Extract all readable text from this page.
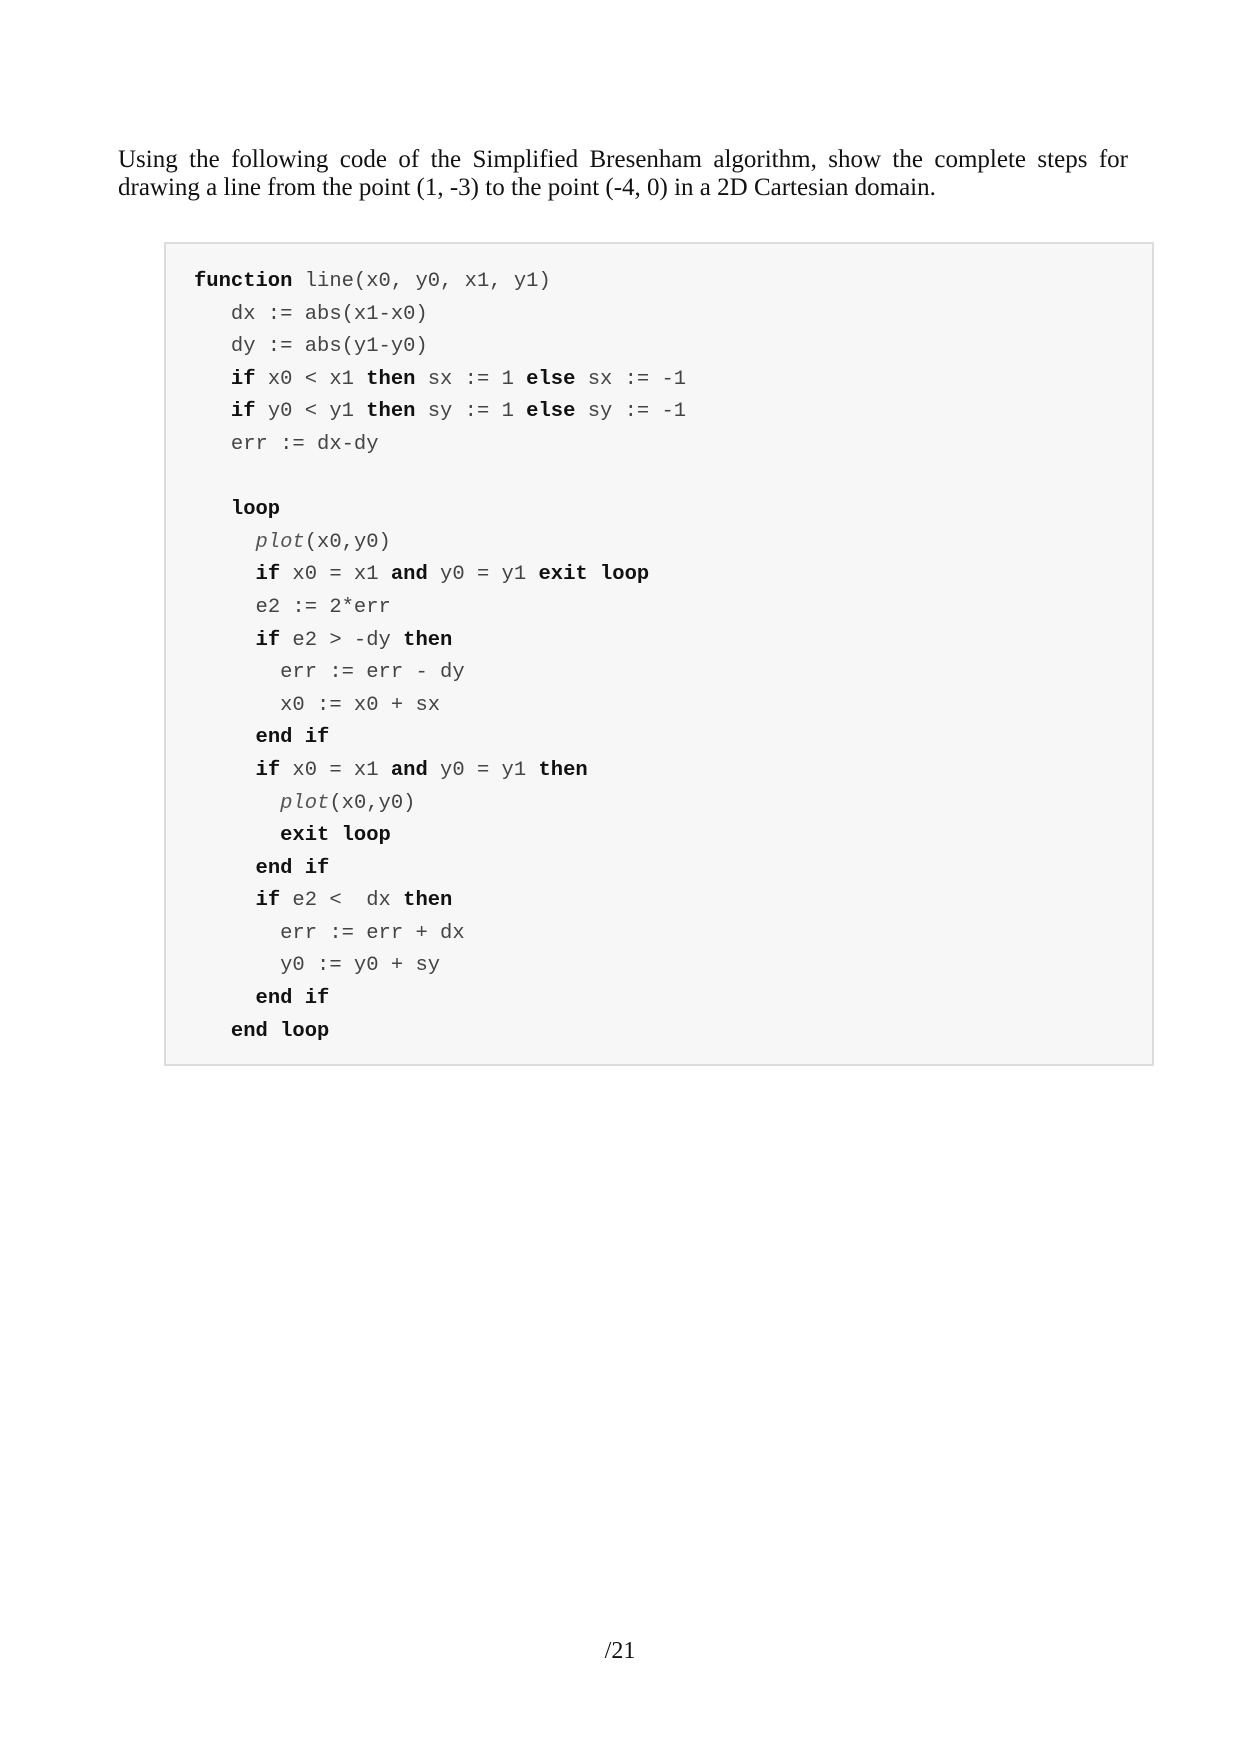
Using the following code of the Simplified Bresenham algorithm, show the complete steps for drawing a line from the point (1, -3) to the point (-4, 0) in a 2D Cartesian domain.

function line(x0, y0, x1, y1)
dx := abs(x1-x0)
dy := abs(y1-y0)
if x0 < x1 then sx := 1 else sx := -1
if y0 < y1 then sy := 1 else sy := -1
err := dx-dy
loop
plot(x0,y0)
if x0 = x1 and y0 = y1 exit loop
e2 := 2*err
if e2 > -dy then
err := err - dy
x0 := x0 + sx
end if
if x0 = x1 and y0 = y1 then
plot(x0,y0)
exit loop
end if
if e2 <  dx then
err := err + dx
y0 := y0 + sy
end if
end loop
/21
